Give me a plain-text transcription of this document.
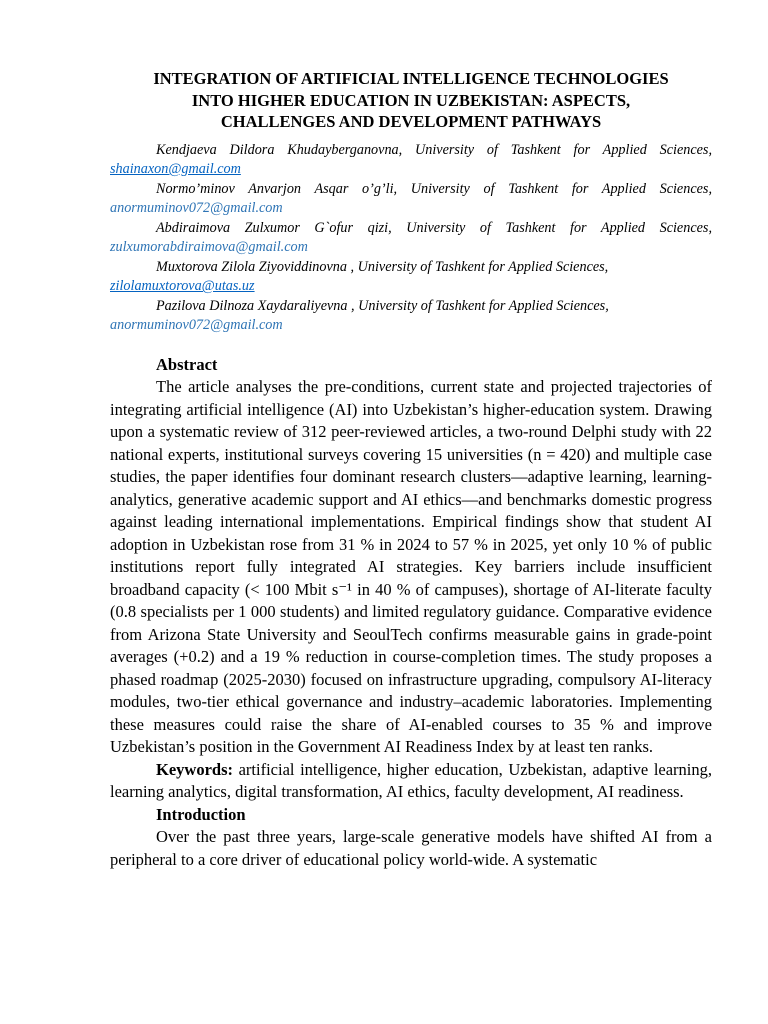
INTEGRATION OF ARTIFICIAL INTELLIGENCE TECHNOLOGIES
INTO HIGHER EDUCATION IN UZBEKISTAN: ASPECTS,
CHALLENGES AND DEVELOPMENT PATHWAYS
Kendjaeva Dildora Khudayberganovna, University of Tashkent for Applied Sciences,
shainaxon@gmail.com
Normo’minov Anvarjon Asqar o’g’li, University of Tashkent for Applied Sciences,
anormuminov072@gmail.com
Abdiraimova Zulxumor G`ofur qizi, University of Tashkent for Applied Sciences,
zulxumorabdiraimova@gmail.com
Muxtorova Zilola Ziyoviddinovna , University of Tashkent for Applied Sciences,
zilolamuxtorova@utas.uz
Pazilova Dilnoza Xaydaraliyevna , University of Tashkent for Applied Sciences,
anormuminov072@gmail.com
Abstract

The article analyses the pre-conditions, current state and projected trajectories of integrating artificial intelligence (AI) into Uzbekistan’s higher-education system. Drawing upon a systematic review of 312 peer-reviewed articles, a two-round Delphi study with 22 national experts, institutional surveys covering 15 universities (n = 420) and multiple case studies, the paper identifies four dominant research clusters—adaptive learning, learning-analytics, generative academic support and AI ethics—and benchmarks domestic progress against leading international implementations. Empirical findings show that student AI adoption in Uzbekistan rose from 31 % in 2024 to 57 % in 2025, yet only 10 % of public institutions report fully integrated AI strategies. Key barriers include insufficient broadband capacity (< 100 Mbit s⁻¹ in 40 % of campuses), shortage of AI-literate faculty (0.8 specialists per 1 000 students) and limited regulatory guidance. Comparative evidence from Arizona State University and SeoulTech confirms measurable gains in grade-point averages (+0.2) and a 19 % reduction in course-completion times. The study proposes a phased roadmap (2025-2030) focused on infrastructure upgrading, compulsory AI-literacy modules, two-tier ethical governance and industry–academic laboratories. Implementing these measures could raise the share of AI-enabled courses to 35 % and improve Uzbekistan’s position in the Government AI Readiness Index by at least ten ranks.

Keywords: artificial intelligence, higher education, Uzbekistan, adaptive learning, learning analytics, digital transformation, AI ethics, faculty development, AI readiness.

Introduction

Over the past three years, large-scale generative models have shifted AI from a peripheral to a core driver of educational policy world-wide. A systematic
